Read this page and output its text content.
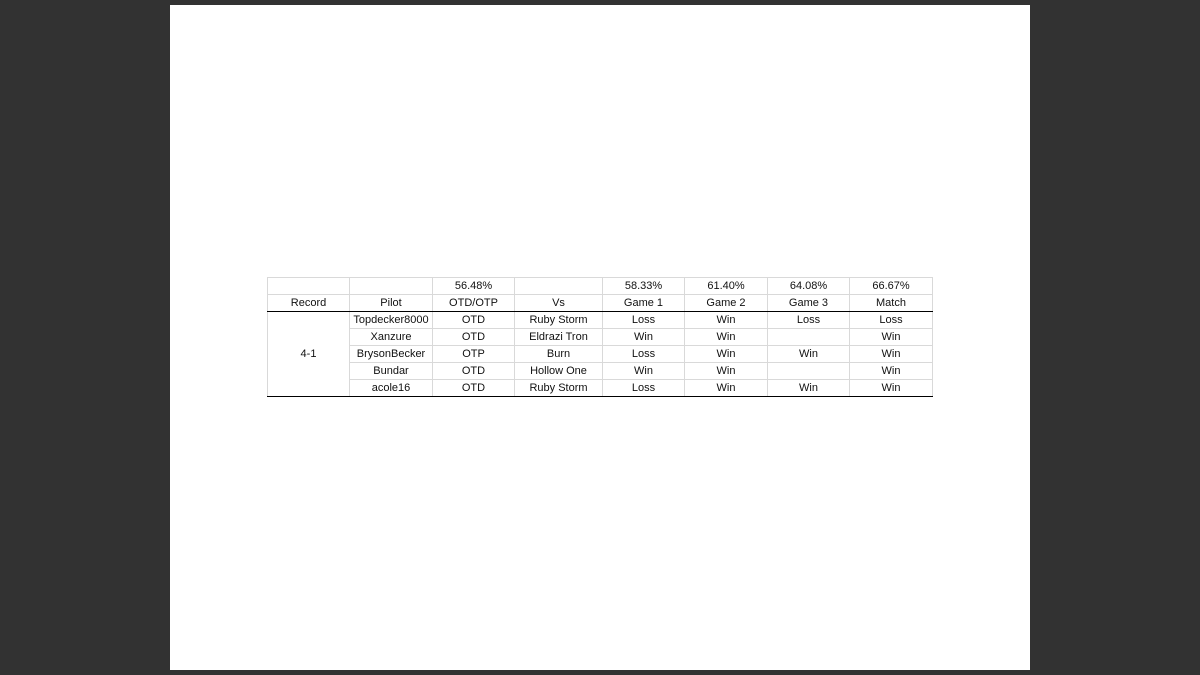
		56.48%		58.33%	61.40%	64.08%	66.67%
Record	Pilot	OTD/OTP	Vs	Game 1	Game 2	Game 3	Match
4-1	Topdecker8000	OTD	Ruby Storm	Loss	Win	Loss	Loss
	Xanzure	OTD	Eldrazi Tron	Win	Win		Win
	BrysonBecker	OTP	Burn	Loss	Win	Win	Win
	Bundar	OTD	Hollow One	Win	Win		Win
	acole16	OTD	Ruby Storm	Loss	Win	Win	Win
